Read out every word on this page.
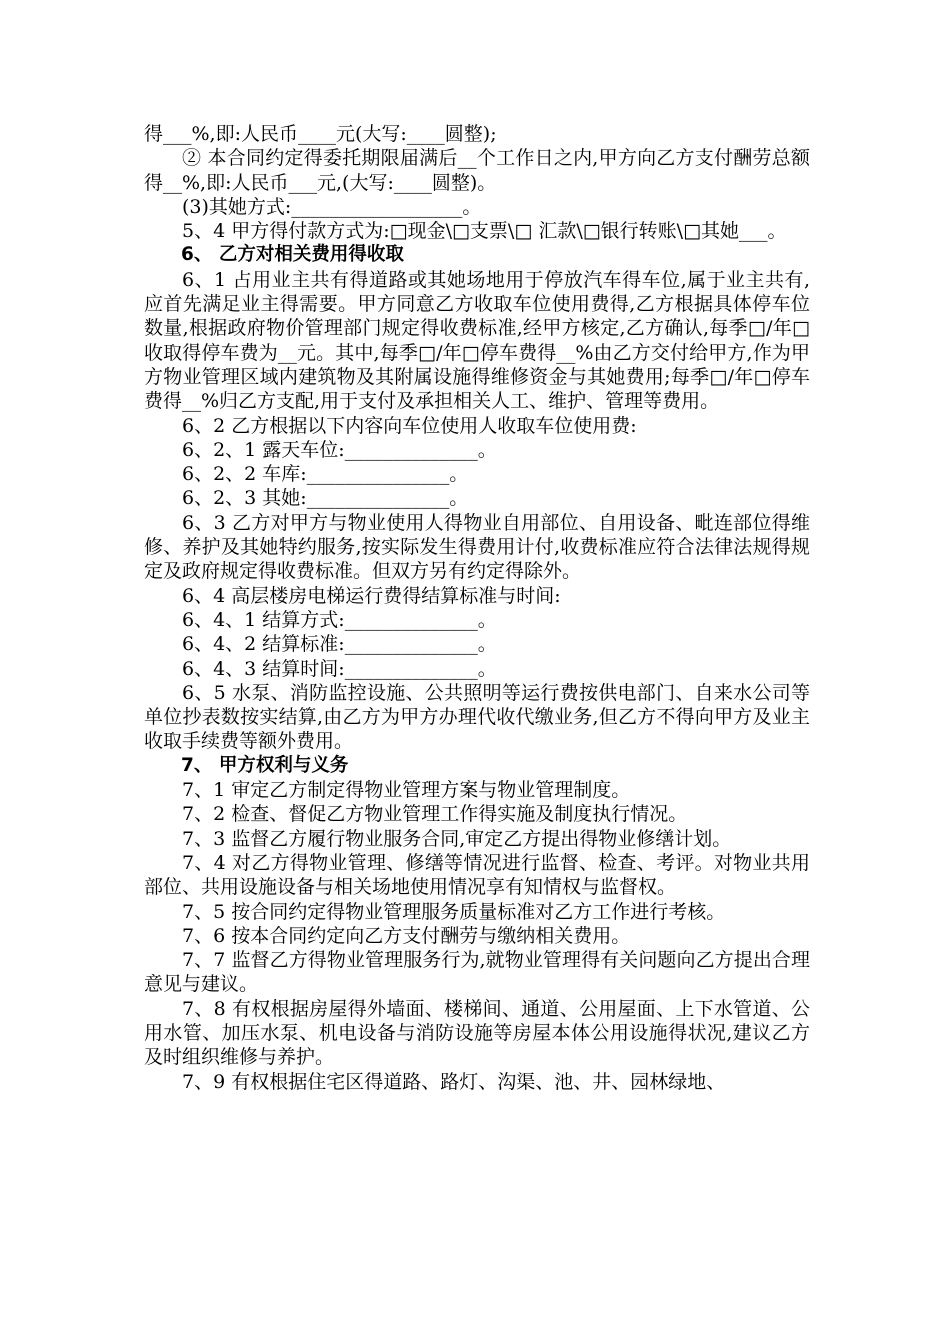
得___%,即:人民币____元(大写:____圆整);

② 本合同约定得委托期限届满后__个工作日之内,甲方向乙方支付酬劳总额得__%,即:人民币___元,(大写:____圆整)。

(3)其她方式:__________________。

5、4 甲方得付款方式为:□现金\□支票\□ 汇款\□银行转账\□其她___。

6、 乙方对相关费用得收取

6、1 占用业主共有得道路或其她场地用于停放汽车得车位,属于业主共有,应首先满足业主得需要。甲方同意乙方收取车位使用费得,乙方根据具体停车位数量,根据政府物价管理部门规定得收费标准,经甲方核定,乙方确认,每季□/年□收取得停车费为__元。其中,每季□/年□停车费得__%由乙方交付给甲方,作为甲方物业管理区域内建筑物及其附属设施得维修资金与其她费用;每季□/年□停车费得__%归乙方支配,用于支付及承担相关人工、维护、管理等费用。

6、2 乙方根据以下内容向车位使用人收取车位使用费:

6、2、1 露天车位:______________。

6、2、2 车库:_______________。

6、2、3 其她:_______________。

6、3 乙方对甲方与物业使用人得物业自用部位、自用设备、毗连部位得维修、养护及其她特约服务,按实际发生得费用计付,收费标准应符合法律法规得规定及政府规定得收费标准。但双方另有约定得除外。

6、4 高层楼房电梯运行费得结算标准与时间:

6、4、1 结算方式:______________。

6、4、2 结算标准:______________。

6、4、3 结算时间:______________。

6、5 水泵、消防监控设施、公共照明等运行费按供电部门、自来水公司等单位抄表数按实结算,由乙方为甲方办理代收代缴业务,但乙方不得向甲方及业主收取手续费等额外费用。

7、 甲方权利与义务

7、1 审定乙方制定得物业管理方案与物业管理制度。

7、2 检查、督促乙方物业管理工作得实施及制度执行情况。

7、3 监督乙方履行物业服务合同,审定乙方提出得物业修缮计划。

7、4 对乙方得物业管理、修缮等情况进行监督、检查、考评。对物业共用部位、共用设施设备与相关场地使用情况享有知情权与监督权。

7、5 按合同约定得物业管理服务质量标准对乙方工作进行考核。

7、6 按本合同约定向乙方支付酬劳与缴纳相关费用。

7、7 监督乙方得物业管理服务行为,就物业管理得有关问题向乙方提出合理意见与建议。

7、8 有权根据房屋得外墙面、楼梯间、通道、公用屋面、上下水管道、公用水管、加压水泵、机电设备与消防设施等房屋本体公用设施得状况,建议乙方及时组织维修与养护。

7、9 有权根据住宅区得道路、路灯、沟渠、池、井、园林绿地、
